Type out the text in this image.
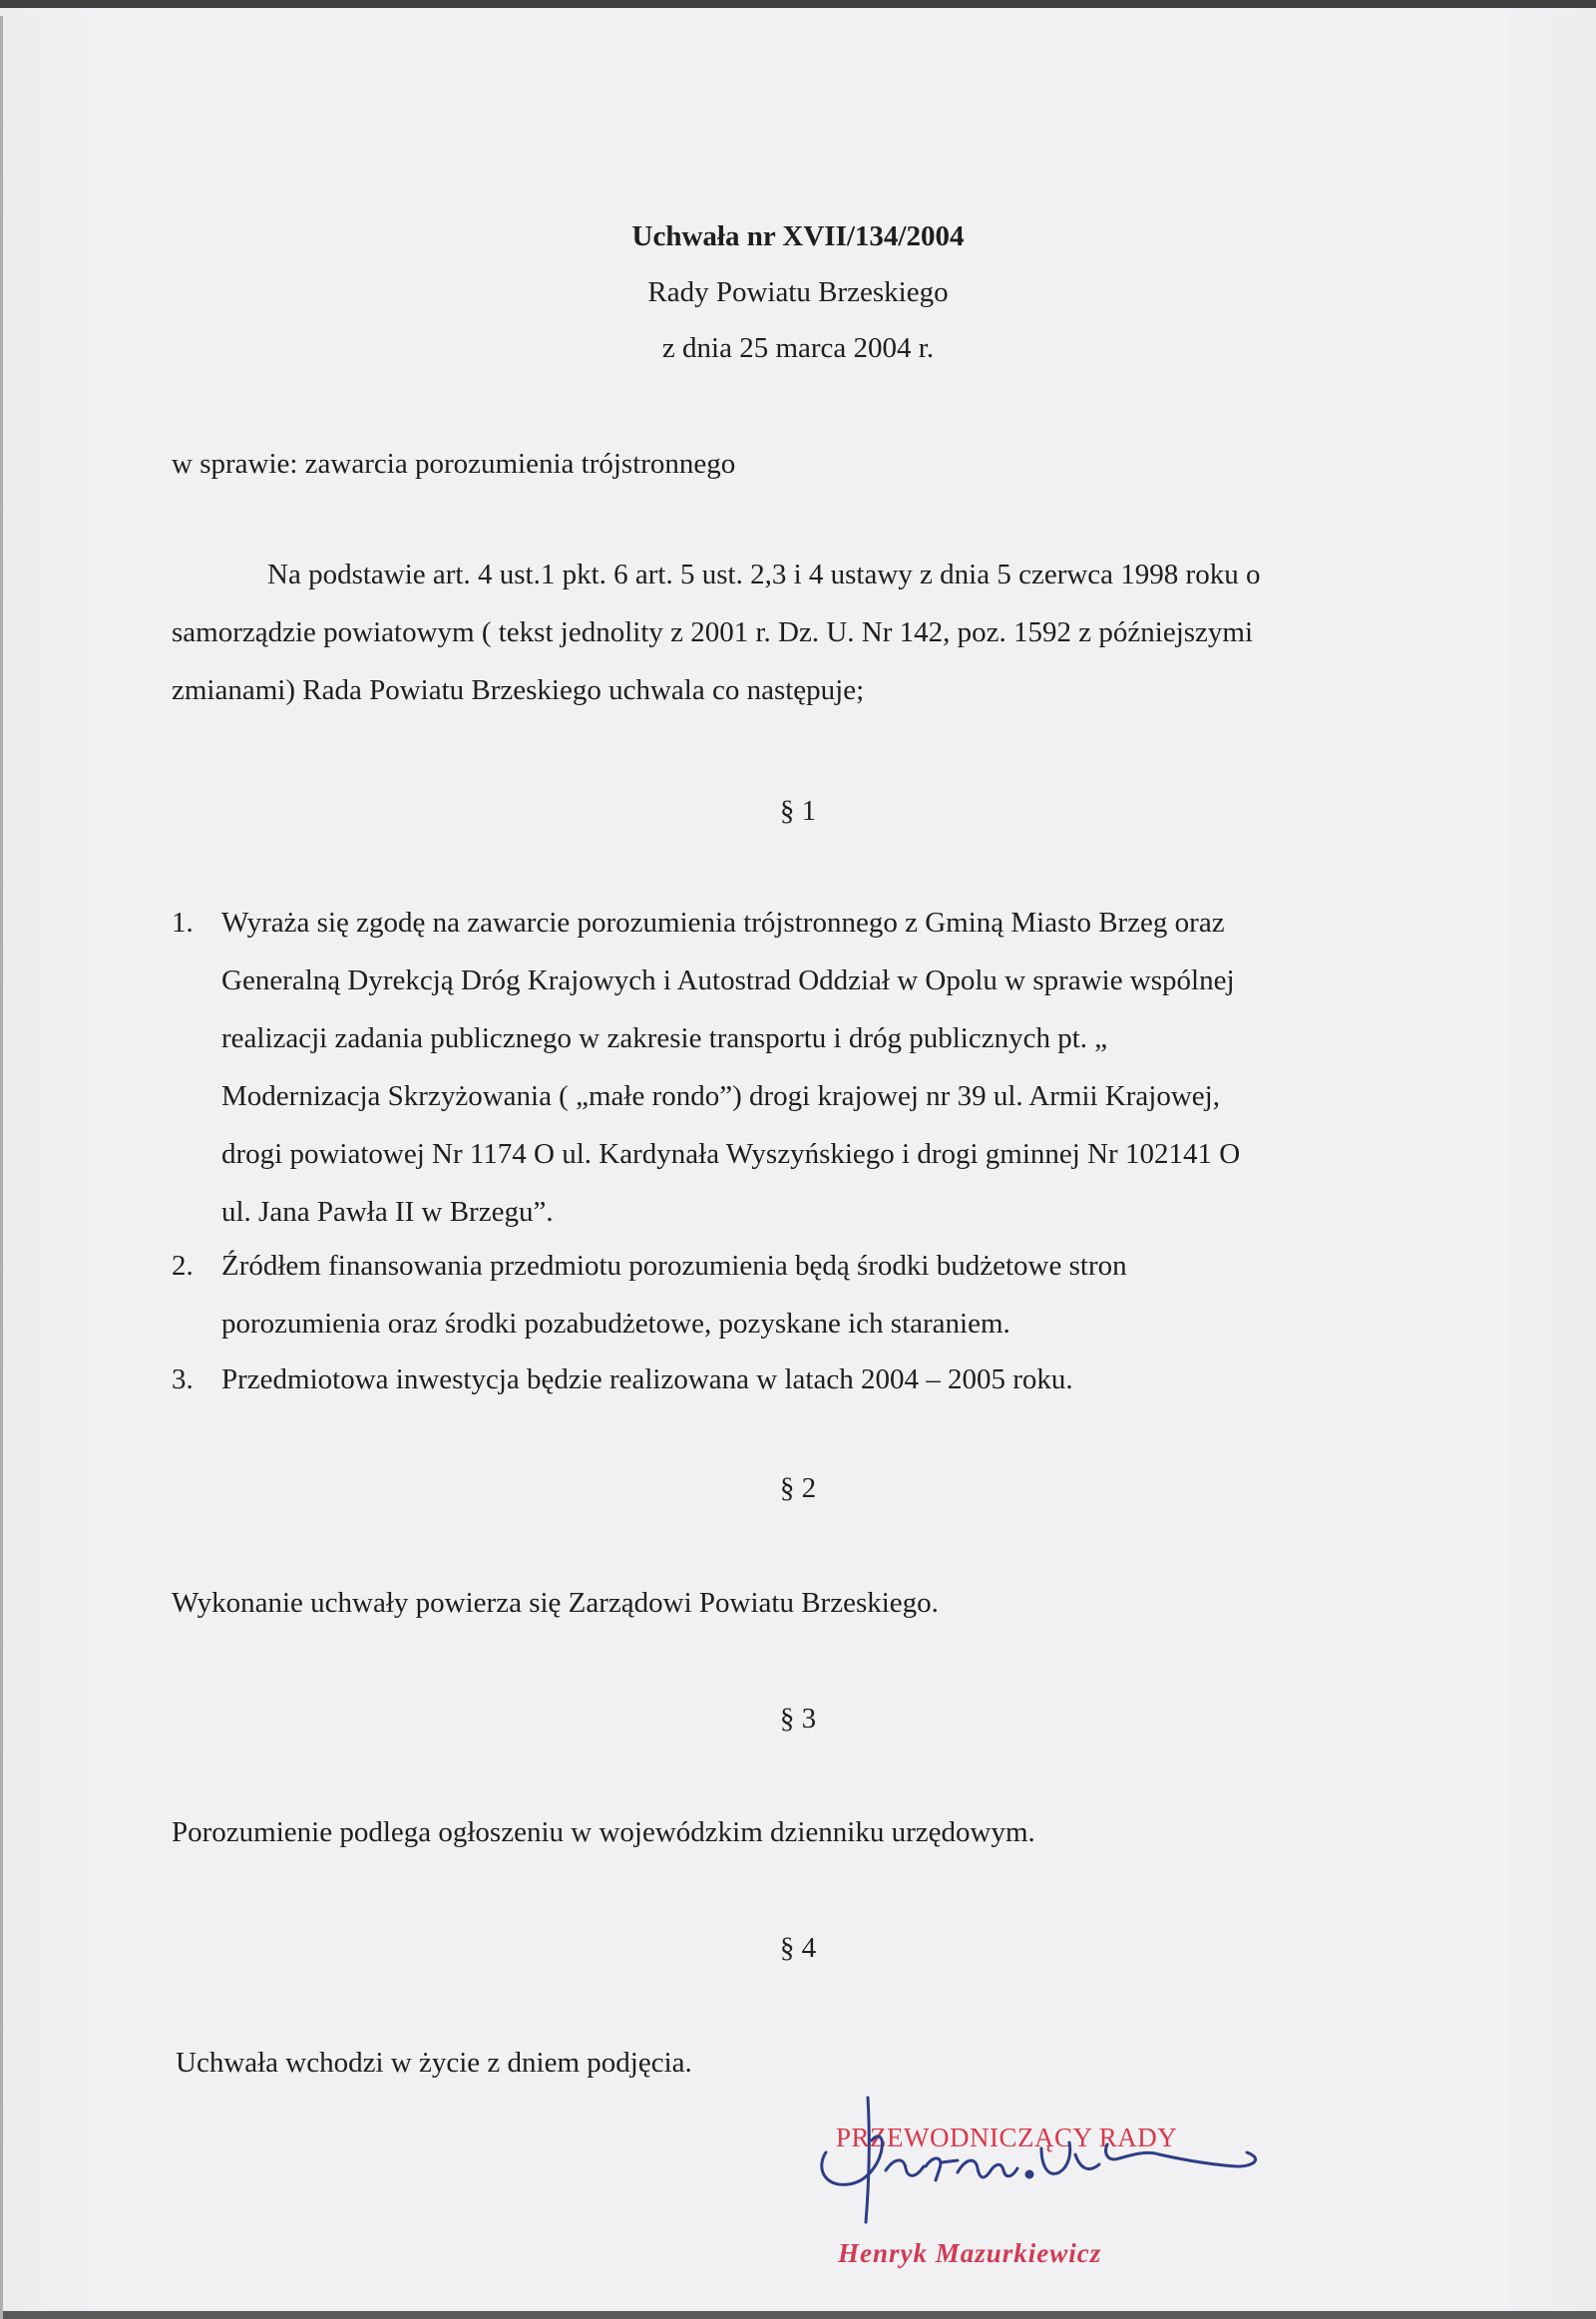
Uchwała nr XVII/134/2004

Rady Powiatu Brzeskiego

z dnia 25 marca 2004 r.

w sprawie: zawarcia porozumienia trójstronnego

Na podstawie art. 4 ust.1 pkt. 6 art. 5 ust. 2,3 i 4 ustawy z dnia 5 czerwca 1998 roku o
samorządzie powiatowym ( tekst jednolity z 2001 r. Dz. U. Nr 142, poz. 1592 z późniejszymi
zmianami) Rada Powiatu Brzeskiego uchwala co następuje;

§ 1

1. Wyraża się zgodę na zawarcie porozumienia trójstronnego z Gminą Miasto Brzeg oraz
Generalną Dyrekcją Dróg Krajowych i Autostrad Oddział w Opolu w sprawie wspólnej
realizacji zadania publicznego w zakresie transportu i dróg publicznych pt. „
Modernizacja Skrzyżowania ( „małe rondo”) drogi krajowej nr 39 ul. Armii Krajowej,
drogi powiatowej Nr 1174 O ul. Kardynała Wyszyńskiego i drogi gminnej Nr 102141 O
ul. Jana Pawła II w Brzegu”.

2. Źródłem finansowania przedmiotu porozumienia będą środki budżetowe stron
porozumienia oraz środki pozabudżetowe, pozyskane ich staraniem.

3. Przedmiotowa inwestycja będzie realizowana w latach 2004 – 2005 roku.

§ 2

Wykonanie uchwały powierza się Zarządowi Powiatu Brzeskiego.

§ 3

Porozumienie podlega ogłoszeniu w wojewódzkim dzienniku urzędowym.

§ 4

Uchwała wchodzi w życie z dniem podjęcia.

PRZEWODNICZĄCY RADY
Henryk Mazurkiewicz
